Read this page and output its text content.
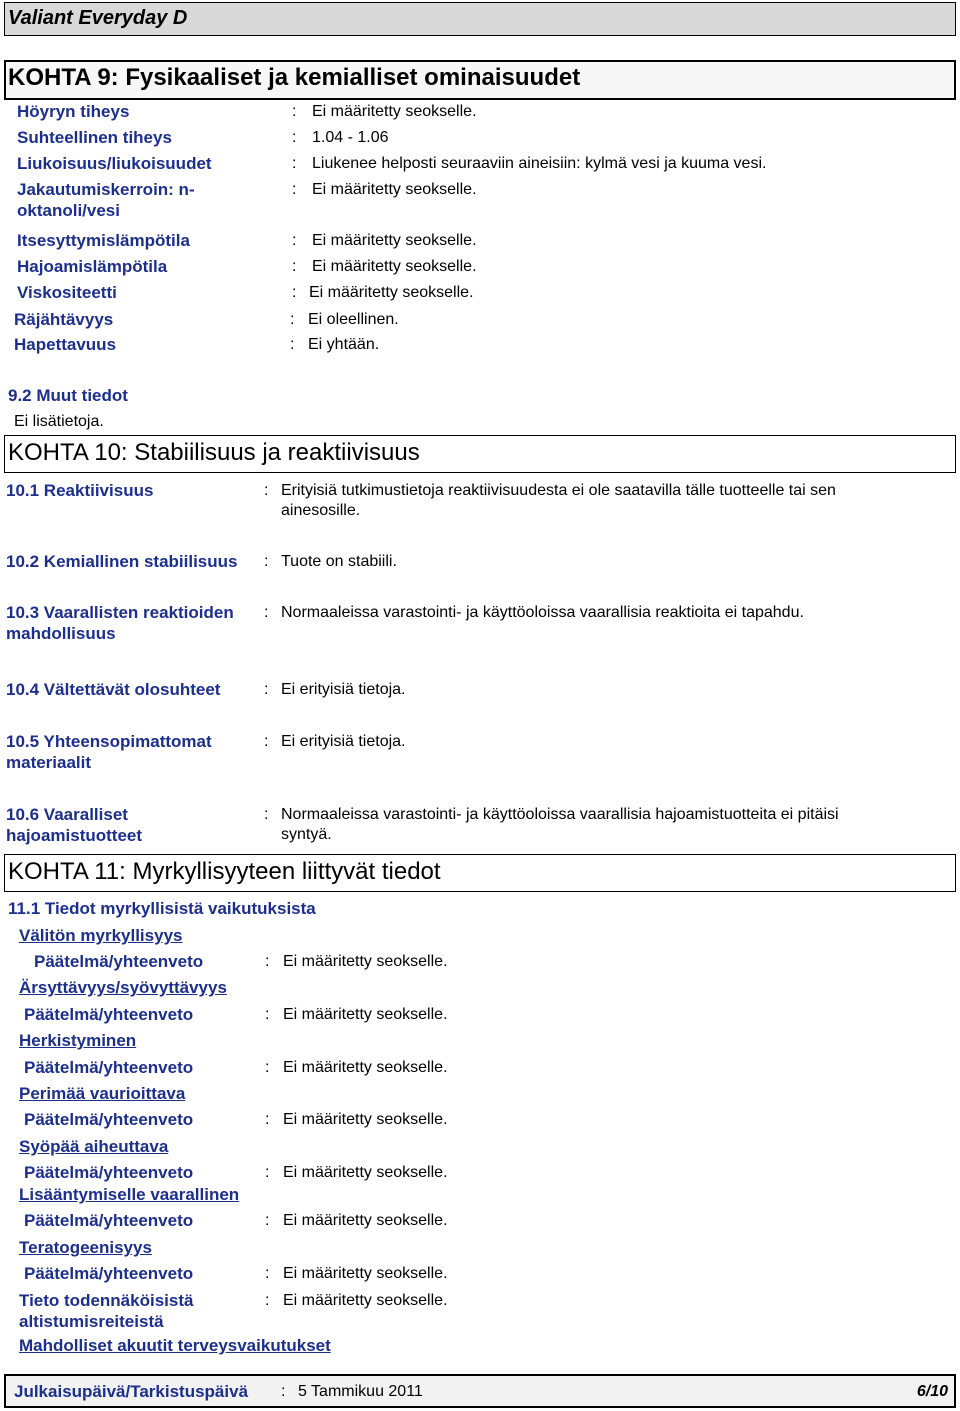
Valiant Everyday D
KOHTA 9: Fysikaaliset ja kemialliset ominaisuudet
Höyryn tiheys	: Ei määritetty seokselle.
Suhteellinen tiheys	: 1.04 - 1.06
Liukoisuus/liukoisuudet	: Liukenee helposti seuraaviin aineisiin: kylmä vesi ja kuuma vesi.
Jakautumiskerroin: n-
oktanoli/vesi
: Ei määritetty seokselle.
Itsesyttymislämpötila	: Ei määritetty seokselle.
Hajoamislämpötila	: Ei määritetty seokselle.
Viskositeetti	: Ei määritetty seokselle.
Räjähtävyys	: Ei oleellinen.
Hapettavuus	: Ei yhtään.
9.2 Muut tiedot
Ei lisätietoja.
KOHTA 10: Stabiilisuus ja reaktiivisuus
10.1 Reaktiivisuus	: Erityisiä tutkimustietoja reaktiivisuudesta ei ole saatavilla tälle tuotteelle tai sen
ainesosille.
10.2 Kemiallinen stabiilisuus : Tuote on stabiili.
10.3 Vaarallisten reaktioiden
mahdollisuus
: Normaaleissa varastointi- ja käyttöoloissa vaarallisia reaktioita ei tapahdu.
10.4 Vältettävät olosuhteet	: Ei erityisiä tietoja.
10.5 Yhteensopimattomat
materiaalit
: Ei erityisiä tietoja.
10.6 Vaaralliset
hajoamistuotteet
: Normaaleissa varastointi- ja käyttöoloissa vaarallisia hajoamistuotteita ei pitäisi
syntyä.
KOHTA 11: Myrkyllisyyteen liittyvät tiedot
11.1 Tiedot myrkyllisistä vaikutuksista
Välitön myrkyllisyys
Päätelmä/yhteenveto	: Ei määritetty seokselle.
Ärsyttävyys/syövyttävyys
Päätelmä/yhteenveto	: Ei määritetty seokselle.
Herkistyminen
Päätelmä/yhteenveto	: Ei määritetty seokselle.
Perimää vaurioittava
Päätelmä/yhteenveto	: Ei määritetty seokselle.
Syöpää aiheuttava
Päätelmä/yhteenveto	: Ei määritetty seokselle.
Lisääntymiselle vaarallinen
Päätelmä/yhteenveto	: Ei määritetty seokselle.
Teratogeenisyys
Päätelmä/yhteenveto	: Ei määritetty seokselle.
Tieto todennäköisistä
altistumisreiteistä
: Ei määritetty seokselle.
Mahdolliset akuutit terveysvaikutukset
Julkaisupäivä/Tarkistuspäivä : 5 Tammikuu 2011	6/10
